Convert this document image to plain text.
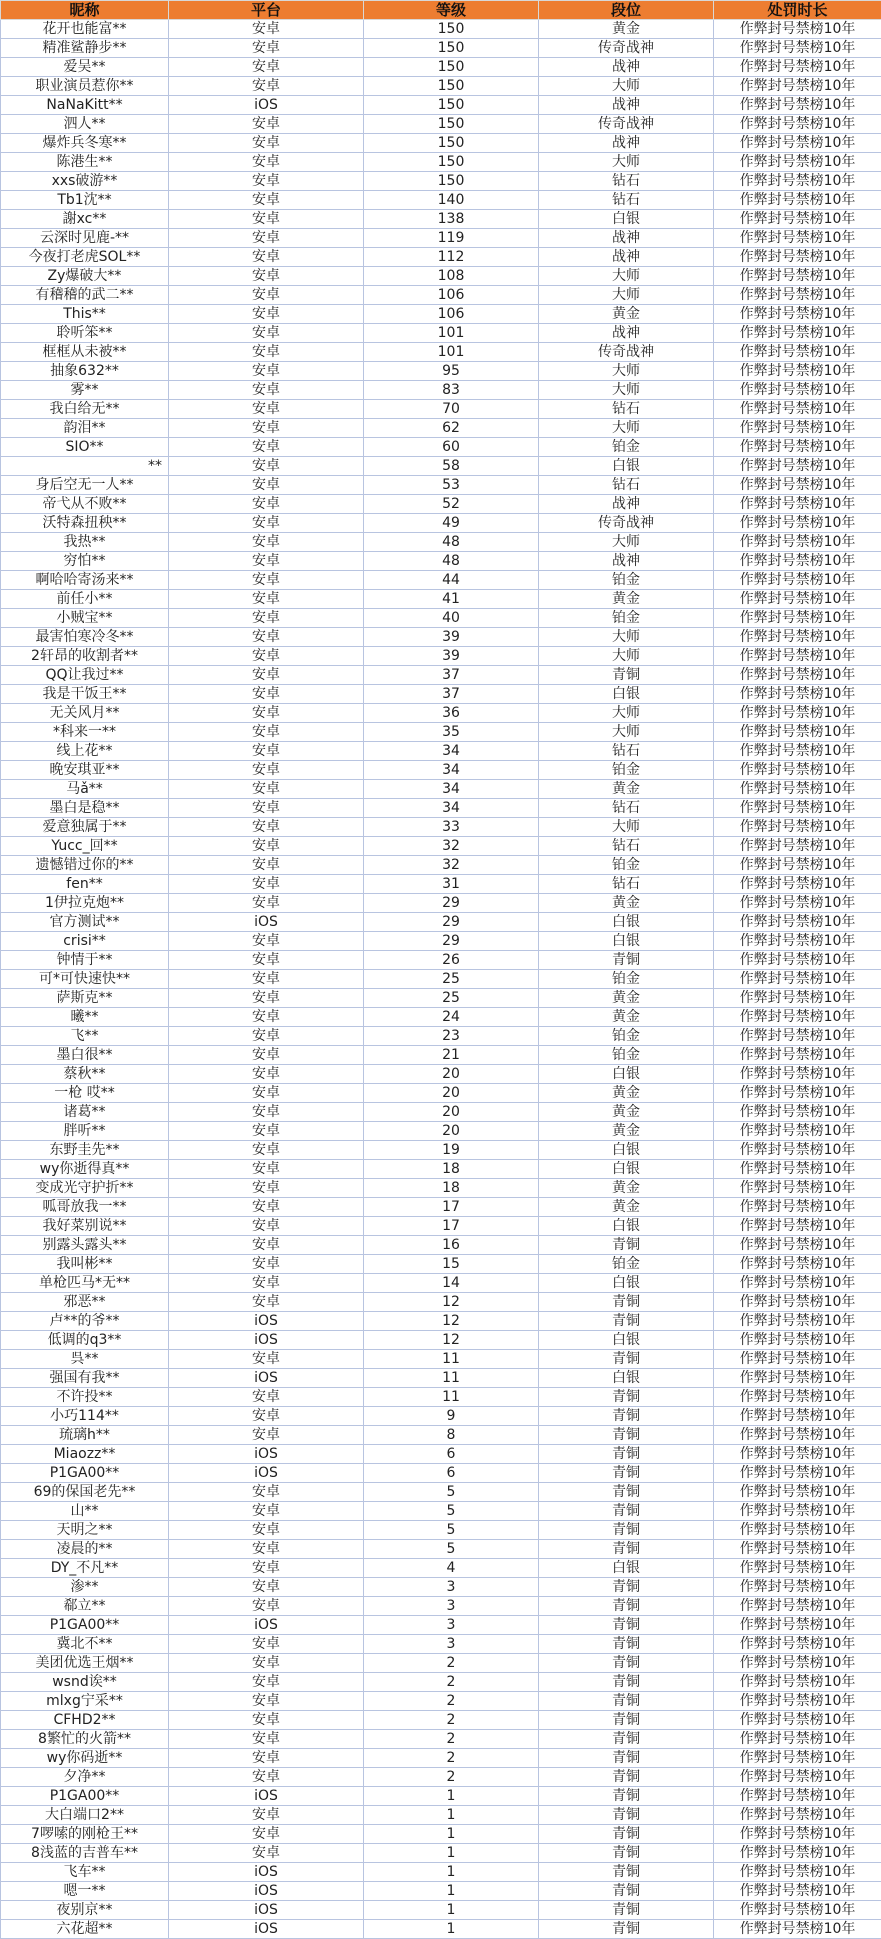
昵称	平台	等级	段位	处罚时长
花开也能富**	安卓	150	黄金	作弊封号禁榜10年
精准鲨静步**	安卓	150	传奇战神	作弊封号禁榜10年
爱吴**	安卓	150	战神	作弊封号禁榜10年
职业演员惹你**	安卓	150	大师	作弊封号禁榜10年
NaNaKitt**	iOS	150	战神	作弊封号禁榜10年
泗人**	安卓	150	传奇战神	作弊封号禁榜10年
爆炸兵冬寒**	安卓	150	战神	作弊封号禁榜10年
陈港生**	安卓	150	大师	作弊封号禁榜10年
xxs破游**	安卓	150	钻石	作弊封号禁榜10年
Tb1沈**	安卓	140	钻石	作弊封号禁榜10年
謝xc**	安卓	138	白银	作弊封号禁榜10年
云深时见鹿-**	安卓	119	战神	作弊封号禁榜10年
今夜打老虎SOL**	安卓	112	战神	作弊封号禁榜10年
Zy爆破大**	安卓	108	大师	作弊封号禁榜10年
有稽稽的武二**	安卓	106	大师	作弊封号禁榜10年
This**	安卓	106	黄金	作弊封号禁榜10年
聆听笨**	安卓	101	战神	作弊封号禁榜10年
框框从未被**	安卓	101	传奇战神	作弊封号禁榜10年
抽象632**	安卓	95	大师	作弊封号禁榜10年
雾**	安卓	83	大师	作弊封号禁榜10年
我白给无**	安卓	70	钻石	作弊封号禁榜10年
韵泪**	安卓	62	大师	作弊封号禁榜10年
SIO**	安卓	60	铂金	作弊封号禁榜10年
**	安卓	58	白银	作弊封号禁榜10年
身后空无一人**	安卓	53	钻石	作弊封号禁榜10年
帝弋从不败**	安卓	52	战神	作弊封号禁榜10年
沃特森扭秧**	安卓	49	传奇战神	作弊封号禁榜10年
我热**	安卓	48	大师	作弊封号禁榜10年
穷怕**	安卓	48	战神	作弊封号禁榜10年
啊哈哈寄汤来**	安卓	44	铂金	作弊封号禁榜10年
前任小**	安卓	41	黄金	作弊封号禁榜10年
小贼宝**	安卓	40	铂金	作弊封号禁榜10年
最害怕寒冷冬**	安卓	39	大师	作弊封号禁榜10年
2轩昂的收割者**	安卓	39	大师	作弊封号禁榜10年
QQ让我过**	安卓	37	青铜	作弊封号禁榜10年
我是干饭王**	安卓	37	白银	作弊封号禁榜10年
无关风月**	安卓	36	大师	作弊封号禁榜10年
*科来一**	安卓	35	大师	作弊封号禁榜10年
线上花**	安卓	34	钻石	作弊封号禁榜10年
晚安琪亚**	安卓	34	铂金	作弊封号禁榜10年
马ǎ**	安卓	34	黄金	作弊封号禁榜10年
墨白是稳**	安卓	34	钻石	作弊封号禁榜10年
爱意独属于**	安卓	33	大师	作弊封号禁榜10年
Yucc_回**	安卓	32	钻石	作弊封号禁榜10年
遗憾错过你的**	安卓	32	铂金	作弊封号禁榜10年
fen**	安卓	31	钻石	作弊封号禁榜10年
1伊拉克炮**	安卓	29	黄金	作弊封号禁榜10年
官方测试**	iOS	29	白银	作弊封号禁榜10年
crisi**	安卓	29	白银	作弊封号禁榜10年
钟情于**	安卓	26	青铜	作弊封号禁榜10年
可*可快速快**	安卓	25	铂金	作弊封号禁榜10年
萨斯克**	安卓	25	黄金	作弊封号禁榜10年
曦**	安卓	24	黄金	作弊封号禁榜10年
飞**	安卓	23	铂金	作弊封号禁榜10年
墨白很**	安卓	21	铂金	作弊封号禁榜10年
蔡秋**	安卓	20	白银	作弊封号禁榜10年
一枪 哎**	安卓	20	黄金	作弊封号禁榜10年
诸葛**	安卓	20	黄金	作弊封号禁榜10年
胖听**	安卓	20	黄金	作弊封号禁榜10年
东野圭先**	安卓	19	白银	作弊封号禁榜10年
wy你逝得真**	安卓	18	白银	作弊封号禁榜10年
变成光守护折**	安卓	18	黄金	作弊封号禁榜10年
呱哥放我一**	安卓	17	黄金	作弊封号禁榜10年
我好菜别说**	安卓	17	白银	作弊封号禁榜10年
别露头露头**	安卓	16	青铜	作弊封号禁榜10年
我叫彬**	安卓	15	铂金	作弊封号禁榜10年
单枪匹马*无**	安卓	14	白银	作弊封号禁榜10年
邪恶**	安卓	12	青铜	作弊封号禁榜10年
卢**的爷**	iOS	12	青铜	作弊封号禁榜10年
低调的q3**	iOS	12	白银	作弊封号禁榜10年
呉**	安卓	11	青铜	作弊封号禁榜10年
强国有我**	iOS	11	白银	作弊封号禁榜10年
不许投**	安卓	11	青铜	作弊封号禁榜10年
小巧114**	安卓	9	青铜	作弊封号禁榜10年
琉璃h**	安卓	8	青铜	作弊封号禁榜10年
Miaozz**	iOS	6	青铜	作弊封号禁榜10年
P1GA00**	iOS	6	青铜	作弊封号禁榜10年
69的保国老先**	安卓	5	青铜	作弊封号禁榜10年
山**	安卓	5	青铜	作弊封号禁榜10年
天明之**	安卓	5	青铜	作弊封号禁榜10年
凌晨的**	安卓	5	青铜	作弊封号禁榜10年
DY_不凡**	安卓	4	白银	作弊封号禁榜10年
渗**	安卓	3	青铜	作弊封号禁榜10年
郗立**	安卓	3	青铜	作弊封号禁榜10年
P1GA00**	iOS	3	青铜	作弊封号禁榜10年
冀北不**	安卓	3	青铜	作弊封号禁榜10年
美团优选王烟**	安卓	2	青铜	作弊封号禁榜10年
wsnd诶**	安卓	2	青铜	作弊封号禁榜10年
mlxg宁采**	安卓	2	青铜	作弊封号禁榜10年
CFHD2**	安卓	2	青铜	作弊封号禁榜10年
8繁忙的火箭**	安卓	2	青铜	作弊封号禁榜10年
wy你码逝**	安卓	2	青铜	作弊封号禁榜10年
夕净**	安卓	2	青铜	作弊封号禁榜10年
P1GA00**	iOS	1	青铜	作弊封号禁榜10年
大白端口2**	安卓	1	青铜	作弊封号禁榜10年
7啰嗦的刚枪王**	安卓	1	青铜	作弊封号禁榜10年
8浅蓝的吉普车**	安卓	1	青铜	作弊封号禁榜10年
飞车**	iOS	1	青铜	作弊封号禁榜10年
嗯一**	iOS	1	青铜	作弊封号禁榜10年
夜别京**	iOS	1	青铜	作弊封号禁榜10年
六花超**	iOS	1	青铜	作弊封号禁榜10年
